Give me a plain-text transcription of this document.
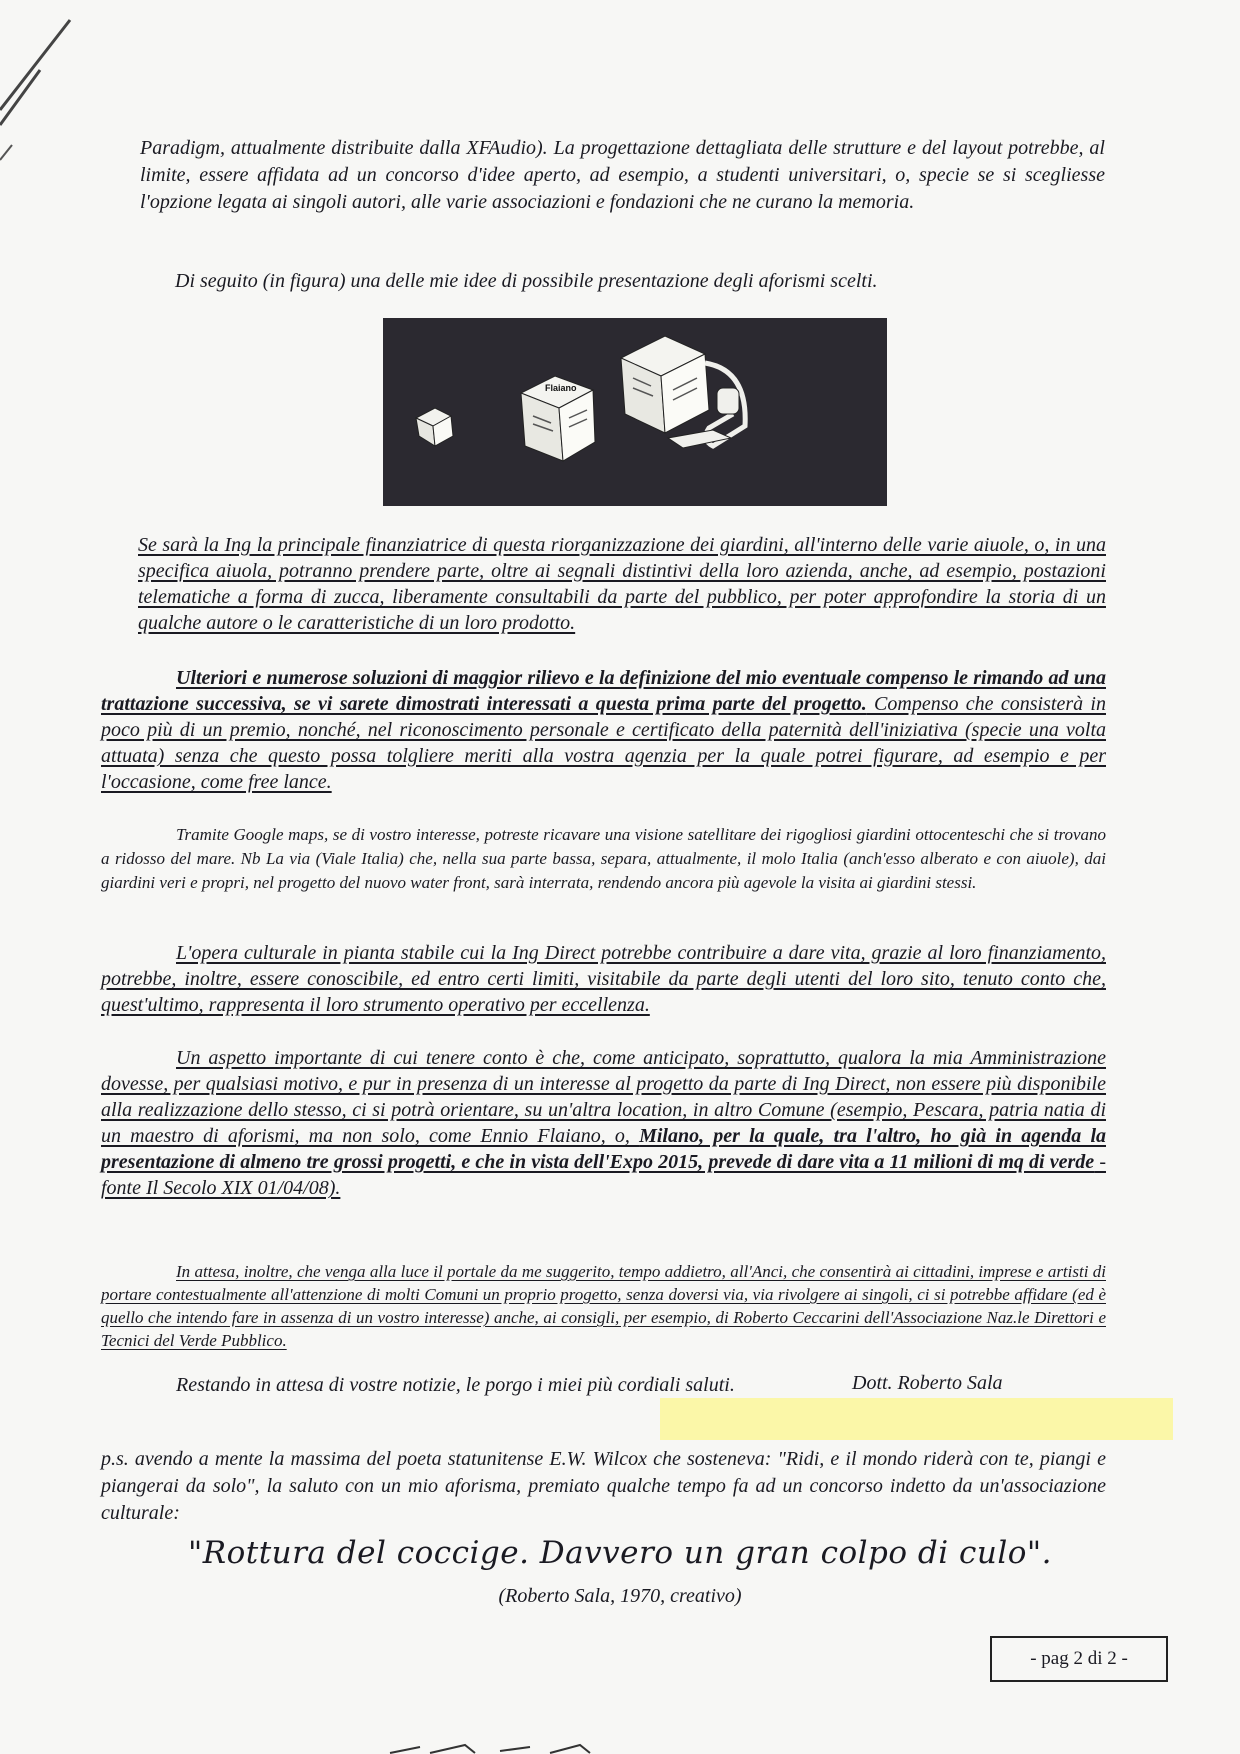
Paradigm, attualmente distribuite dalla XFAudio). La progettazione dettagliata delle strutture e del layout potrebbe, al limite, essere affidata ad un concorso d'idee aperto, ad esempio, a studenti universitari, o, specie se si scegliesse l'opzione legata ai singoli autori, alle varie associazioni e fondazioni che ne curano la memoria.

Di seguito (in figura) una delle mie idee di possibile presentazione degli aforismi scelti.

Flaiano

Se sarà la Ing la principale finanziatrice di questa riorganizzazione dei giardini, all'interno delle varie aiuole, o, in una specifica aiuola, potranno prendere parte, oltre ai segnali distintivi della loro azienda, anche, ad esempio, postazioni telematiche a forma di zucca, liberamente consultabili da parte del pubblico, per poter approfondire la storia di un qualche autore o le caratteristiche di un loro prodotto.

Ulteriori e numerose soluzioni di maggior rilievo e la definizione del mio eventuale compenso le rimando ad una trattazione successiva, se vi sarete dimostrati interessati a questa prima parte del progetto. Compenso che consisterà in poco più di un premio, nonché, nel riconoscimento personale e certificato della paternità dell'iniziativa (specie una volta attuata) senza che questo possa tolgliere meriti alla vostra agenzia per la quale potrei figurare, ad esempio e per l'occasione, come free lance.

Tramite Google maps, se di vostro interesse, potreste ricavare una visione satellitare dei rigogliosi giardini ottocenteschi che si trovano a ridosso del mare. Nb La via (Viale Italia) che, nella sua parte bassa, separa, attualmente, il molo Italia (anch'esso alberato e con aiuole), dai giardini veri e propri, nel progetto del nuovo water front, sarà interrata, rendendo ancora più agevole la visita ai giardini stessi.

L'opera culturale in pianta stabile cui la Ing Direct potrebbe contribuire a dare vita, grazie al loro finanziamento, potrebbe, inoltre, essere conoscibile, ed entro certi limiti, visitabile da parte degli utenti del loro sito, tenuto conto che, quest'ultimo, rappresenta il loro strumento operativo per eccellenza.

Un aspetto importante di cui tenere conto è che, come anticipato, soprattutto, qualora la mia Amministrazione dovesse, per qualsiasi motivo, e pur in presenza di un interesse al progetto da parte di Ing Direct, non essere più disponibile alla realizzazione dello stesso, ci si potrà orientare, su un'altra location, in altro Comune (esempio, Pescara, patria natia di un maestro di aforismi, ma non solo, come Ennio Flaiano, o, Milano, per la quale, tra l'altro, ho già in agenda la presentazione di almeno tre grossi progetti, e che in vista dell'Expo 2015, prevede di dare vita a 11 milioni di mq di verde - fonte Il Secolo XIX 01/04/08).

In attesa, inoltre, che venga alla luce il portale da me suggerito, tempo addietro, all'Anci, che consentirà ai cittadini, imprese e artisti di portare contestualmente all'attenzione di molti Comuni un proprio progetto, senza doversi via, via rivolgere ai singoli, ci si potrebbe affidare (ed è quello che intendo fare in assenza di un vostro interesse) anche, ai consigli, per esempio, di Roberto Ceccarini dell'Associazione Naz.le Direttori e Tecnici del Verde Pubblico.

Restando in attesa di vostre notizie, le porgo i miei più cordiali saluti.	Dott. Roberto Sala

p.s. avendo a mente la massima del poeta statunitense E.W. Wilcox che sosteneva: "Ridi, e il mondo riderà con te, piangi e piangerai da solo", la saluto con un mio aforisma, premiato qualche tempo fa ad un concorso indetto da un'associazione culturale:

"Rottura del coccige. Davvero un gran colpo di culo".
(Roberto Sala, 1970, creativo)
- pag 2 di 2 -
